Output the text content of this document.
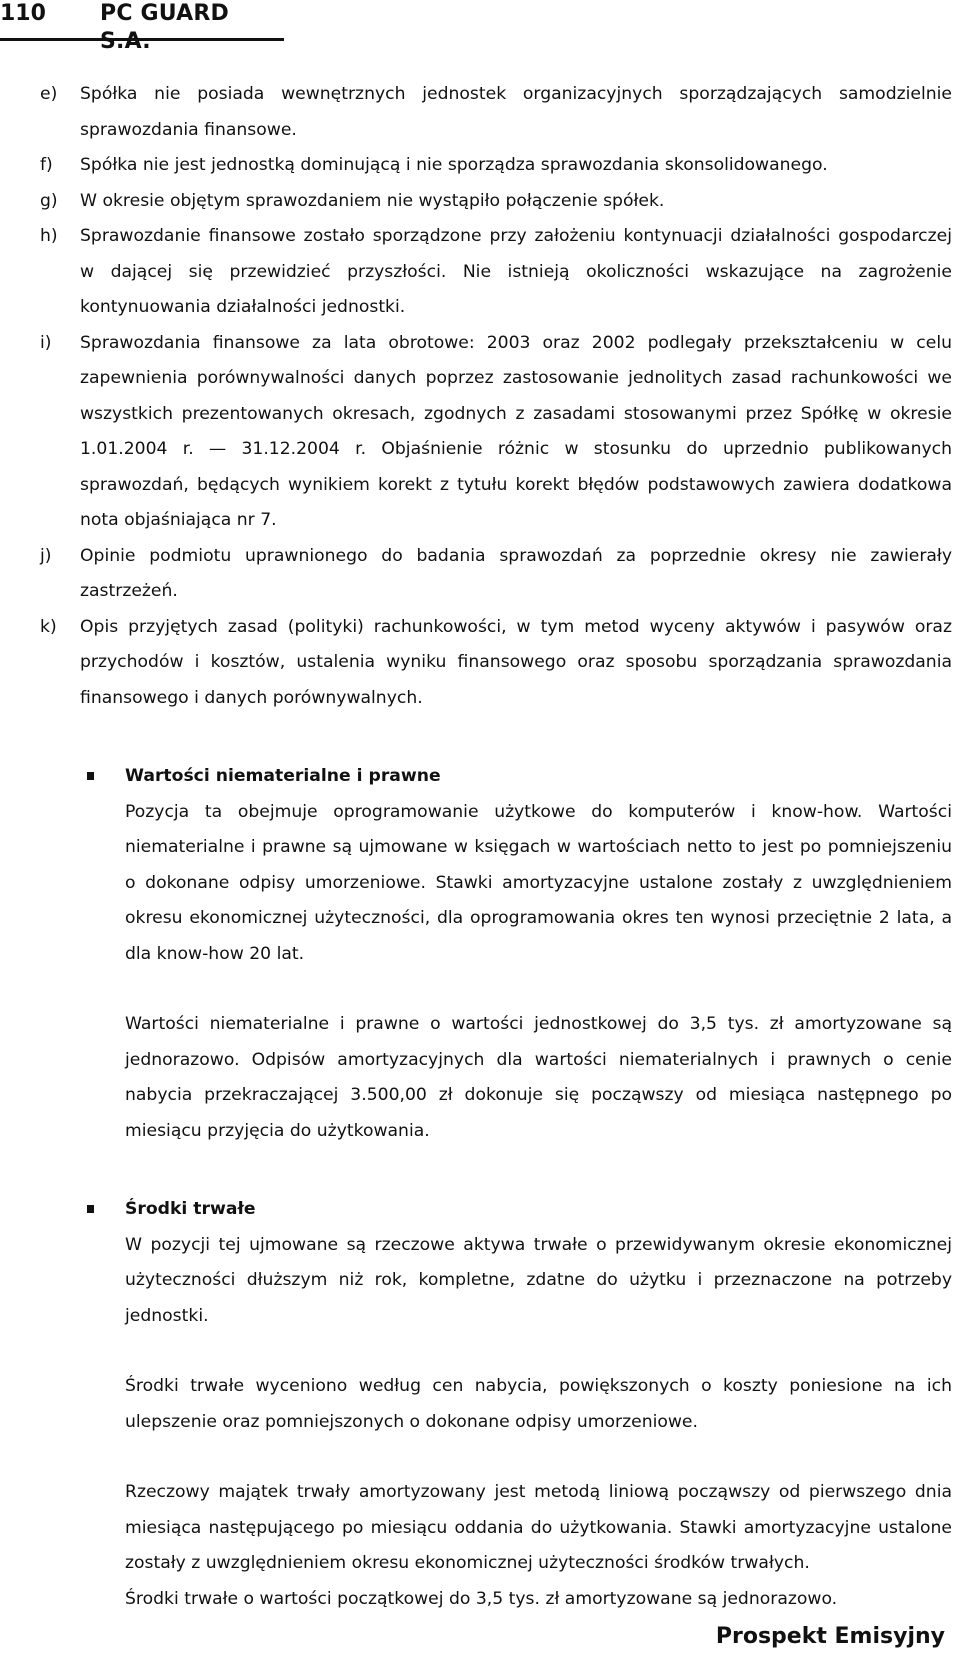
110 PC GUARD S.A.
e) Spółka nie posiada wewnętrznych jednostek organizacyjnych sporządzających samodzielnie sprawozdania finansowe.
f) Spółka nie jest jednostką dominującą i nie sporządza sprawozdania skonsolidowanego.
g) W okresie objętym sprawozdaniem nie wystąpiło połączenie spółek.
h) Sprawozdanie finansowe zostało sporządzone przy założeniu kontynuacji działalności gospodarczej w dającej się przewidzieć przyszłości. Nie istnieją okoliczności wskazujące na zagrożenie kontynuowania działalności jednostki.
i) Sprawozdania finansowe za lata obrotowe: 2003 oraz 2002 podlegały przekształceniu w celu zapewnienia porównywalności danych poprzez zastosowanie jednolitych zasad rachunkowości we wszystkich prezentowanych okresach, zgodnych z zasadami stosowanymi przez Spółkę w okresie 1.01.2004 r. — 31.12.2004 r. Objaśnienie różnic w stosunku do uprzednio publikowanych sprawozdań, będących wynikiem korekt z tytułu korekt błędów podstawowych zawiera dodatkowa nota objaśniająca nr 7.
j) Opinie podmiotu uprawnionego do badania sprawozdań za poprzednie okresy nie zawierały zastrzeżeń.
k) Opis przyjętych zasad (polityki) rachunkowości, w tym metod wyceny aktywów i pasywów oraz przychodów i kosztów, ustalenia wyniku finansowego oraz sposobu sporządzania sprawozdania finansowego i danych porównywalnych.
Wartości niematerialne i prawne
Pozycja ta obejmuje oprogramowanie użytkowe do komputerów i know-how. Wartości niematerialne i prawne są ujmowane w księgach w wartościach netto to jest po pomniejszeniu o dokonane odpisy umorzeniowe. Stawki amortyzacyjne ustalone zostały z uwzględnieniem okresu ekonomicznej użyteczności, dla oprogramowania okres ten wynosi przeciętnie 2 lata, a dla know-how 20 lat.
Wartości niematerialne i prawne o wartości jednostkowej do 3,5 tys. zł amortyzowane są jednorazowo. Odpisów amortyzacyjnych dla wartości niematerialnych i prawnych o cenie nabycia przekraczającej 3.500,00 zł dokonuje się począwszy od miesiąca następnego po miesiącu przyjęcia do użytkowania.
Środki trwałe
W pozycji tej ujmowane są rzeczowe aktywa trwałe o przewidywanym okresie ekonomicznej użyteczności dłuższym niż rok, kompletne, zdatne do użytku i przeznaczone na potrzeby jednostki.
Środki trwałe wyceniono według cen nabycia, powiększonych o koszty poniesione na ich ulepszenie oraz pomniejszonych o dokonane odpisy umorzeniowe.
Rzeczowy majątek trwały amortyzowany jest metodą liniową począwszy od pierwszego dnia miesiąca następującego po miesiącu oddania do użytkowania. Stawki amortyzacyjne ustalone zostały z uwzględnieniem okresu ekonomicznej użyteczności środków trwałych.
Środki trwałe o wartości początkowej do 3,5 tys. zł amortyzowane są jednorazowo.
Prospekt Emisyjny
